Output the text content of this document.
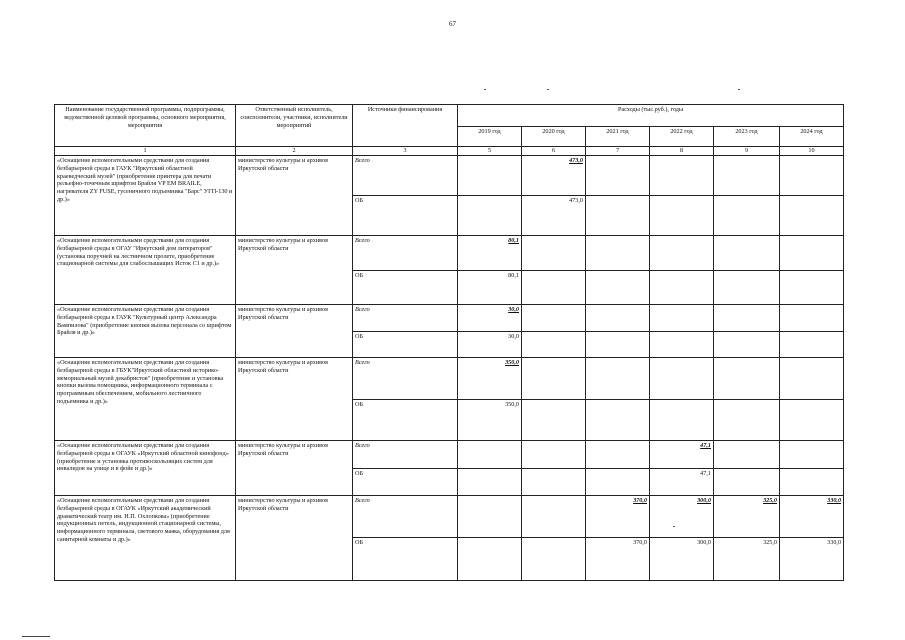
67
Наименование государственной программы, подпрограммы, ведомственной целевой программы, основного мероприятия, мероприятия	Ответственный исполнитель, соисполнители, участники, исполнители мероприятий	Источники финансирования	Расходы (тыс.руб.), годы					
			2019 год	2020 год	2021 год	2022 год	2023 год	2024 год
1	2	3	5	6	7	8	9	10
«Оснащение вспомогательными средствами для создания безбарьерной среды в ГАУК "Иркутский областной краеведческий музей" (приобретение принтера для печати рельефно-точечным шрифтом Брайля VP EM BRAILE, нагревателя ZY FUSE, гусеничного подъемника "Барс" УГП-130 и др.)»	министерство культуры и архивов Иркутской области	Всего		473,0				
		ОБ		473,0				
«Оснащение вспомогательными средствами для создания безбарьерной среды в ОГАУ "Иркутский дом литераторов" (установка поручней на лестничном пролете, приобретение стационарной системы для слабослышащих Исток С1 и др.)»	министерство культуры и архивов Иркутской области	Всего	80,1					
		ОБ	80,1					
«Оснащение вспомогательными средствами для создания безбарьерной среды в ГАУК "Культурный центр Александра Вампилова" (приобретение кнопки вызова персонала со шрифтом Брайля и др.)»	министерство культуры и архивов Иркутской области	Всего	30,0					
		ОБ	30,0					
«Оснащение вспомогательными средствами для создания безбарьерной среды в ГБУК"Иркутский областной историко-мемориальный музей декабристов" (приобретение и установка кнопки вызова помощника, информационного терминала с программным обеспечением, мобильного лестничного подъемника и др.)»	министерство культуры и архивов Иркутской области	Всего	350,0					
		ОБ	350,0					
«Оснащение вспомогательными средствами для создания безбарьерной среды в ОГАУК «Иркутский областной кинофонд» (приобретение и установка противоскользящих систем для инвалидов на улице и в фойе и др.)»	министерство культуры и архивов Иркутской области	Всего				47,1		
		ОБ				47,1		
«Оснащение вспомогательными средствами для создания безбарьерной среды в ОГАУК «Иркутский академический драматический театр им. Н.П. Охлопкова» (приобретение индукционных петель, индукционной стационарной системы, информационного терминала, светового маяка, оборудования для санитарной комнаты и др.)»	министерство культуры и архивов Иркутской области	Всего			370,0	300,0	325,0	330,0
		ОБ			370,0	300,0	325,0	330,0
